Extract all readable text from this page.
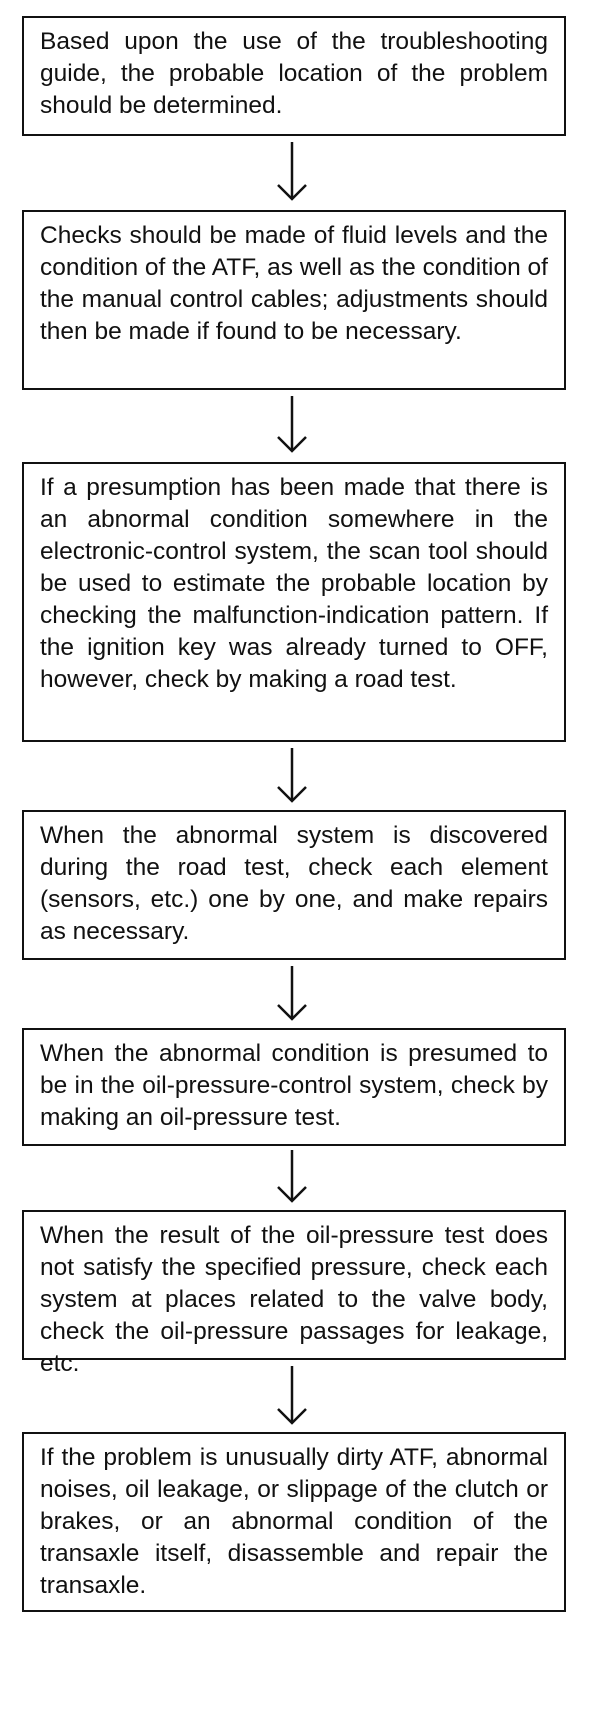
Based upon the use of the troubleshooting guide, the probable location of the problem should be determined.
Checks should be made of fluid levels and the condition of the ATF, as well as the condition of the manual control cables; adjustments should then be made if found to be necessary.
If a presumption has been made that there is an abnormal condition somewhere in the electronic-control system, the scan tool should be used to estimate the probable location by checking the malfunction-indication pattern. If the ignition key was already turned to OFF, however, check by making a road test.
When the abnormal system is discovered during the road test, check each element (sensors, etc.) one by one, and make repairs as necessary.
When the abnormal condition is presumed to be in the oil-pressure-control system, check by making an oil-pressure test.
When the result of the oil-pressure test does not satisfy the specified pressure, check each system at places related to the valve body, check the oil-pressure passages for leakage, etc.
If the problem is unusually dirty ATF, abnormal noises, oil leakage, or slippage of the clutch or brakes, or an abnormal condition of the transaxle itself, disassemble and repair the transaxle.
